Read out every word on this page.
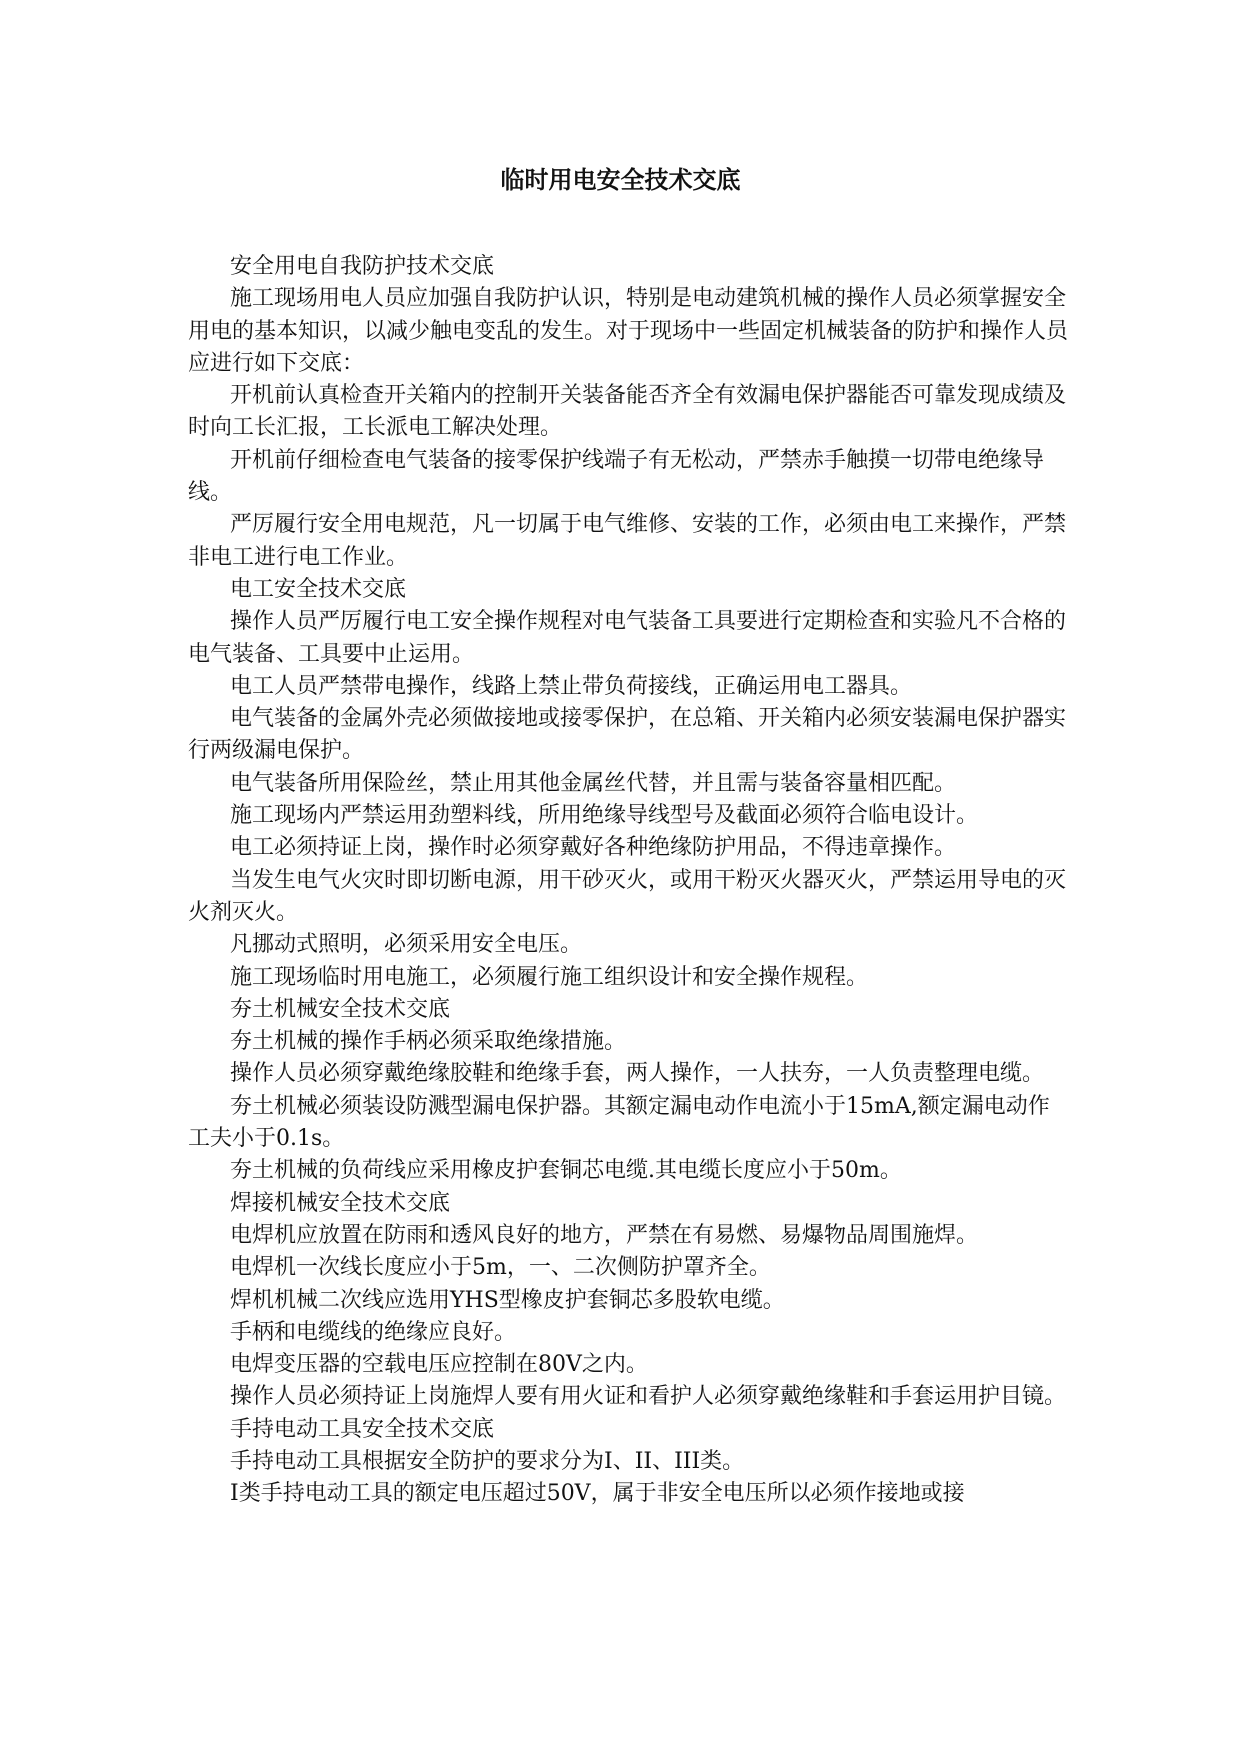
临时用电安全技术交底

安全用电自我防护技术交底

施工现场用电人员应加强自我防护认识，特别是电动建筑机械的操作人员必须掌握安全用电的基本知识，以减少触电变乱的发生。对于现场中一些固定机械装备的防护和操作人员应进行如下交底：

开机前认真检查开关箱内的控制开关装备能否齐全有效漏电保护器能否可靠发现成绩及时向工长汇报，工长派电工解决处理。

开机前仔细检查电气装备的接零保护线端子有无松动，严禁赤手触摸一切带电绝缘导线。

严厉履行安全用电规范，凡一切属于电气维修、安装的工作，必须由电工来操作，严禁非电工进行电工作业。

电工安全技术交底

操作人员严厉履行电工安全操作规程对电气装备工具要进行定期检查和实验凡不合格的电气装备、工具要中止运用。

电工人员严禁带电操作，线路上禁止带负荷接线，正确运用电工器具。

电气装备的金属外壳必须做接地或接零保护，在总箱、开关箱内必须安装漏电保护器实行两级漏电保护。

电气装备所用保险丝，禁止用其他金属丝代替，并且需与装备容量相匹配。

施工现场内严禁运用劲塑料线，所用绝缘导线型号及截面必须符合临电设计。

电工必须持证上岗，操作时必须穿戴好各种绝缘防护用品，不得违章操作。

当发生电气火灾时即切断电源，用干砂灭火，或用干粉灭火器灭火，严禁运用导电的灭火剂灭火。

凡挪动式照明，必须采用安全电压。

施工现场临时用电施工，必须履行施工组织设计和安全操作规程。

夯土机械安全技术交底

夯土机械的操作手柄必须采取绝缘措施。

操作人员必须穿戴绝缘胶鞋和绝缘手套，两人操作，一人扶夯，一人负责整理电缆。

夯土机械必须装设防溅型漏电保护器。其额定漏电动作电流小于15mA,额定漏电动作工夫小于0.1s。

夯土机械的负荷线应采用橡皮护套铜芯电缆.其电缆长度应小于50m。

焊接机械安全技术交底

电焊机应放置在防雨和透风良好的地方，严禁在有易燃、易爆物品周围施焊。

电焊机一次线长度应小于5m，一、二次侧防护罩齐全。

焊机机械二次线应选用YHS型橡皮护套铜芯多股软电缆。

手柄和电缆线的绝缘应良好。

电焊变压器的空载电压应控制在80V之内。

操作人员必须持证上岗施焊人要有用火证和看护人必须穿戴绝缘鞋和手套运用护目镜。

手持电动工具安全技术交底

手持电动工具根据安全防护的要求分为I、II、III类。

I类手持电动工具的额定电压超过50V，属于非安全电压所以必须作接地或接
